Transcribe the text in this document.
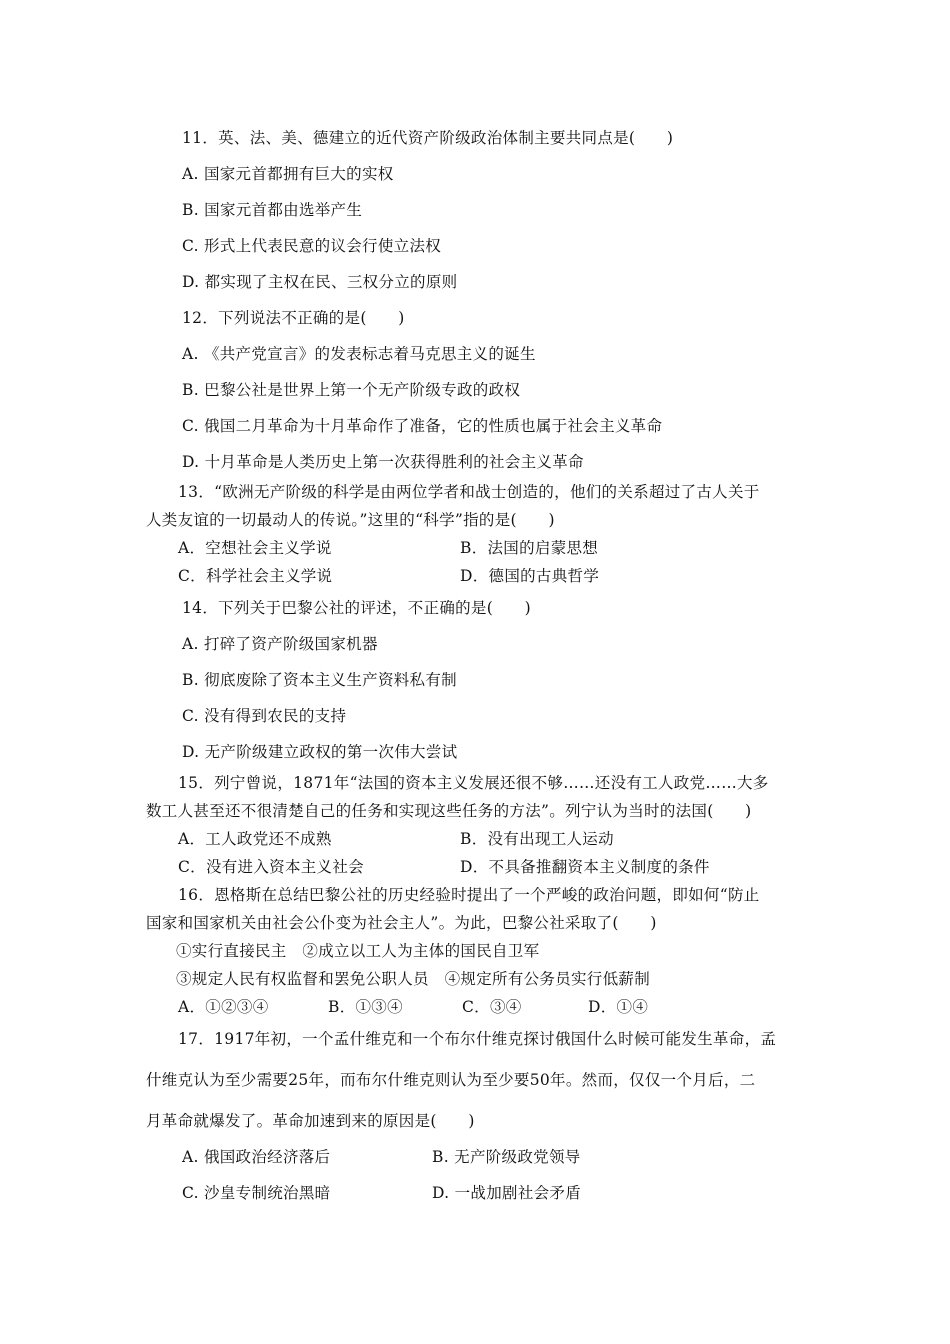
11．英、法、美、德建立的近代资产阶级政治体制主要共同点是(　　)
A. 国家元首都拥有巨大的实权
B. 国家元首都由选举产生
C. 形式上代表民意的议会行使立法权
D. 都实现了主权在民、三权分立的原则
12．下列说法不正确的是(　　)
A. 《共产党宣言》的发表标志着马克思主义的诞生
B. 巴黎公社是世界上第一个无产阶级专政的政权
C. 俄国二月革命为十月革命作了准备，它的性质也属于社会主义革命
D. 十月革命是人类历史上第一次获得胜利的社会主义革命
13．“欧洲无产阶级的科学是由两位学者和战士创造的，他们的关系超过了古人关于
人类友谊的一切最动人的传说。”这里的“科学”指的是(　　)
A．空想社会主义学说	B．法国的启蒙思想
C．科学社会主义学说	D．德国的古典哲学
14．下列关于巴黎公社的评述，不正确的是(　　)
A. 打碎了资产阶级国家机器
B. 彻底废除了资本主义生产资料私有制
C. 没有得到农民的支持
D. 无产阶级建立政权的第一次伟大尝试
15．列宁曾说，1871年“法国的资本主义发展还很不够……还没有工人政党……大多
数工人甚至还不很清楚自己的任务和实现这些任务的方法”。列宁认为当时的法国(　　)
A．工人政党还不成熟	B．没有出现工人运动
C．没有进入资本主义社会	D．不具备推翻资本主义制度的条件
16．恩格斯在总结巴黎公社的历史经验时提出了一个严峻的政治问题，即如何“防止
国家和国家机关由社会公仆变为社会主人”。为此，巴黎公社采取了(　　)
①实行直接民主　②成立以工人为主体的国民自卫军
③规定人民有权监督和罢免公职人员　④规定所有公务员实行低薪制
A．①②③④	B．①③④	C．③④	D．①④
17．1917年初，一个孟什维克和一个布尔什维克探讨俄国什么时候可能发生革命，孟
什维克认为至少需要25年，而布尔什维克则认为至少要50年。然而，仅仅一个月后，二
月革命就爆发了。革命加速到来的原因是(　　)
A. 俄国政治经济落后	B. 无产阶级政党领导
C. 沙皇专制统治黑暗	D. 一战加剧社会矛盾
